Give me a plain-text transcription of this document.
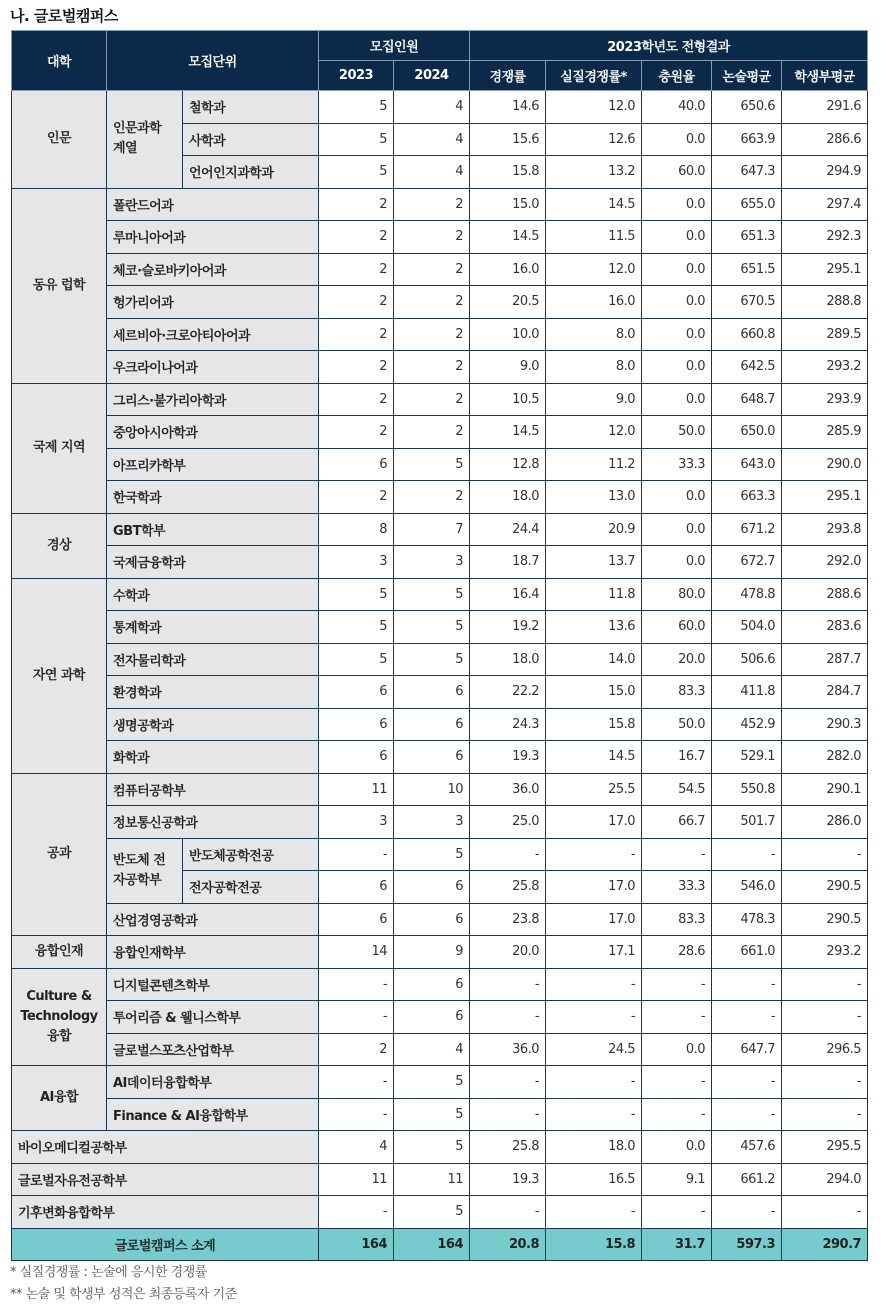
나. 글로벌캠퍼스
대학	모집단위		모집인원		2023학년도 전형결과				
			2023	2024	경쟁률	실질경쟁률*	충원율	논술평균	학생부평균
인문	인문과학 계열	철학과	5	4	14.6	12.0	40.0	650.6	291.6
		사학과	5	4	15.6	12.6	0.0	663.9	286.6
		언어인지과학과	5	4	15.8	13.2	60.0	647.3	294.9
동유 럽학	폴란드어과		2	2	15.0	14.5	0.0	655.0	297.4
	루마니아어과		2	2	14.5	11.5	0.0	651.3	292.3
	체코·슬로바키아어과		2	2	16.0	12.0	0.0	651.5	295.1
	헝가리어과		2	2	20.5	16.0	0.0	670.5	288.8
	세르비아·크로아티아어과		2	2	10.0	8.0	0.0	660.8	289.5
	우크라이나어과		2	2	9.0	8.0	0.0	642.5	293.2
국제 지역	그리스·불가리아학과		2	2	10.5	9.0	0.0	648.7	293.9
	중앙아시아학과		2	2	14.5	12.0	50.0	650.0	285.9
	아프리카학부		6	5	12.8	11.2	33.3	643.0	290.0
	한국학과		2	2	18.0	13.0	0.0	663.3	295.1
경상	GBT학부		8	7	24.4	20.9	0.0	671.2	293.8
	국제금융학과		3	3	18.7	13.7	0.0	672.7	292.0
자연 과학	수학과		5	5	16.4	11.8	80.0	478.8	288.6
	통계학과		5	5	19.2	13.6	60.0	504.0	283.6
	전자물리학과		5	5	18.0	14.0	20.0	506.6	287.7
	환경학과		6	6	22.2	15.0	83.3	411.8	284.7
	생명공학과		6	6	24.3	15.8	50.0	452.9	290.3
	화학과		6	6	19.3	14.5	16.7	529.1	282.0
공과	컴퓨터공학부		11	10	36.0	25.5	54.5	550.8	290.1
	정보통신공학과		3	3	25.0	17.0	66.7	501.7	286.0
	반도체 전자공학부	반도체공학전공	-	5	-	-	-	-	-
		전자공학전공	6	6	25.8	17.0	33.3	546.0	290.5
	산업경영공학과		6	6	23.8	17.0	83.3	478.3	290.5
융합인재	융합인재학부		14	9	20.0	17.1	28.6	661.0	293.2
Culture & Technology 융합	디지털콘텐츠학부		-	6	-	-	-	-	-
	투어리즘 & 웰니스학부		-	6	-	-	-	-	-
	글로벌스포츠산업학부		2	4	36.0	24.5	0.0	647.7	296.5
AI융합	AI데이터융합학부		-	5	-	-	-	-	-
	Finance & AI융합학부		-	5	-	-	-	-	-
바이오메디컬공학부			4	5	25.8	18.0	0.0	457.6	295.5
글로벌자유전공학부			11	11	19.3	16.5	9.1	661.2	294.0
기후변화융합학부			-	5	-	-	-	-	-
글로벌캠퍼스 소계			164	164	20.8	15.8	31.7	597.3	290.7
* 실질경쟁률 : 논술에 응시한 경쟁률
** 논술 및 학생부 성적은 최종등록자 기준
